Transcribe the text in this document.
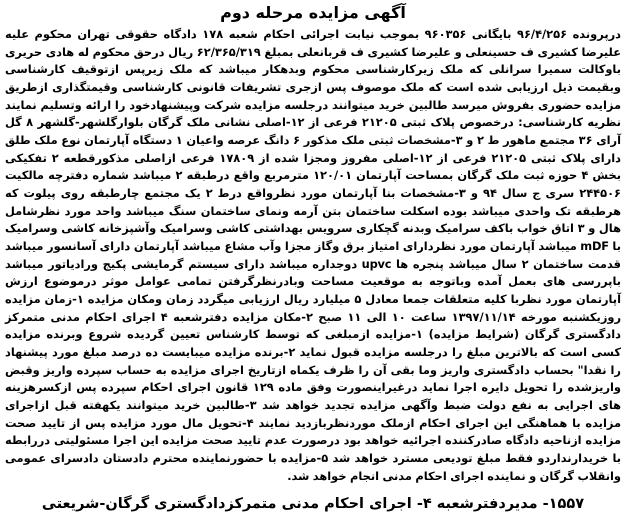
آگهی مزایده مرحله دوم

درپرونده ۹۶/۴/۲۵۶ بایگانی ۹۶۰۳۵۶ بموجب نیابت اجرائی احکام شعبه ۱۷۸ دادگاه حقوقی تهران محکوم علیه علیرضا کشیری ف حسینعلی و علیرضا کشیری ف قربانعلی بمبلغ ۶۲/۳۶۵/۳۱۹ ریال درحق محکوم له هادی حریری باوکالت سمیرا سرانلی که ملک زیرکارشناسی محکوم وبدهکار میباشد که ملک زیرپس ازتوقیف کارشناسی وبقیمت ذیل ارزیابی شده است که ملک موصوف پس ازجری تشریفات قانونی کارشناسی وقیمتگذاری ازطریق مزایده حضوری بفروش میرسد طالبین خرید میتوانند درجلسه مزایده شرکت وپیشنهادخود را ارائه وتسلیم نمایند نظریه کارشناسی: درخصوص پلاک ثبتی ۲۱۲۰۵ فرعی از ۱۲-اصلی نشانی ملک گرگان بلوارگلشهر-گلشهر ۸ گل آرای ۳۶ مجتمع ماهور ط ۲ و ۳-مشخصات ثبتی ملک مذکور ۶ دانگ عرصه واعیان ۱ دستگاه آپارتمان نوع ملک طلق دارای پلاک ثبتی ۲۱۲۰۵ فرعی از ۱۲-اصلی مفروز ومجزا شده از ۱۷۸۰۹ فرعی ازاصلی مذکورقطعه ۲ تفکیکی بخش ۴ حوزه ثبت ملک گرگان بمساحت آپارتمان ۱۲۰/۰۱ مترمربع واقع درطبقه ۲ میباشد شماره دفترچه مالکیت ۲۴۴۵۰۶ سری ج سال ۹۴ و ۳-مشخصات بنا آپارتمان مورد نظرواقع درط ۲ یک مجتمع چارطبقه روی پیلوت که هرطبقه تک واحدی میباشد بوده اسکلت ساختمان بتن آرمه ونمای ساختمان سنگ میباشد واحد مورد نظرشامل هال و ۳ اتاق خواب باکف سرامیک وبدنه گچکاری سرویس بهداشتی کاشی وسرامیک وآشپزخانه کاشی وسرامیک با mDF میباشد آپارتمان مورد نظردارای امتیاز برق وگاز مجزا وآب مشاع میباشد آپارتمان دارای آسانسور میباشد قدمت ساختمان ۲ سال میباشد پنجره ها upvc دوجداره میباشد دارای سیستم گرمایشی پکیج ورادیاتور میباشد باپررسی های بعمل آمده وباتوجه به موقعیت مساحت وبادرنظرگرفتن تمامی عوامل موثر درموضوع ارزش آپارتمان مورد نظربا کلیه متعلقات جمعا معادل ۵ میلیارد ریال ارزیابی میگردد زمان ومکان مزایده ۱-زمان مزایده روزیکشنبه مورخه ۱۳۹۷/۱۱/۱۴ ساعت ۱۰ الی ۱۱ صبح ۲-مکان مزایده دفترشعبه ۴ اجرای احکام مدنی متمرکز دادگستری گرگان (شرایط مزایده) ۱-مزایده ازمبلغی که توسط کارشناس تعیین گردیده شروع وبرنده مزایده کسی است که بالاترین مبلغ را درجلسه مزایده قبول نماید ۲-برنده مزایده میبایست ده درصد مبلغ مورد پیشنهاد را نقدا" بحساب دادگستری واریز وما بقی آن را ظرف یکماه ازتاریخ اجرای مزایده به حساب سپرده واریز وقبض واریزشده را تحویل دایره اجرا نماید درغیراینصورت وفق ماده ۱۲۹ قانون اجرای احکام سپرده پس ازکسرهزینه های اجرایی به نفع دولت ضبط وآگهی مزایده تجدید خواهد شد ۳-طالبین خرید میتوانند یکهفته قبل ازاجرای مزایده با هماهنگی این اجرای احکام ازملک موردنظربازدید نمایند ۴-تحویل مال مورد مزایده پس از تایید صحت مزایده ازناحیه دادگاه صادرکننده اجرائیه خواهد بود درصورت عدم تایید صحت مزایده این اجرا مسئولیتی دررابطه با خریدارنداردو فقط مبلغ تودیعی مسترد خواهد شد ۵-مزایده با حضورنماینده محترم دادستان دادسرای عمومی وانقلاب گرگان و نماینده اجرای احکام مدنی انجام خواهد شد.

۱۵۵۷- مدیردفترشعبه ۴- اجرای احکام مدنی متمرکزدادگستری گرگان-شریعتی
